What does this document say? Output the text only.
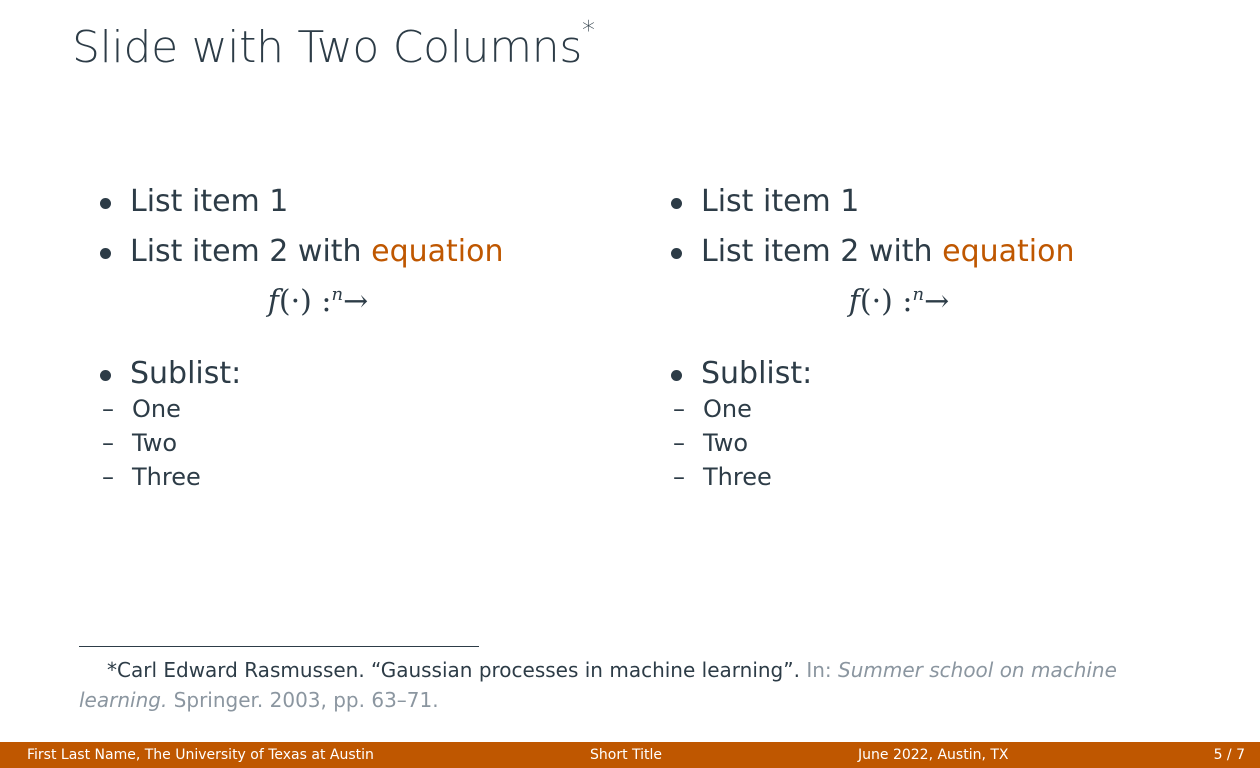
Slide with Two Columns*
List item 1
List item 2 with equation
f(·) :$^n$→
Sublist:
– One
– Two
– Three
List item 1
List item 2 with equation
f(·) :$^n$→
Sublist:
– One
– Two
– Three
*Carl Edward Rasmussen. “Gaussian processes in machine learning”. In: Summer school on machine learning. Springer. 2003, pp. 63–71.
First Last Name, The University of Texas at Austin	Short Title	June 2022, Austin, TX	5 / 7
